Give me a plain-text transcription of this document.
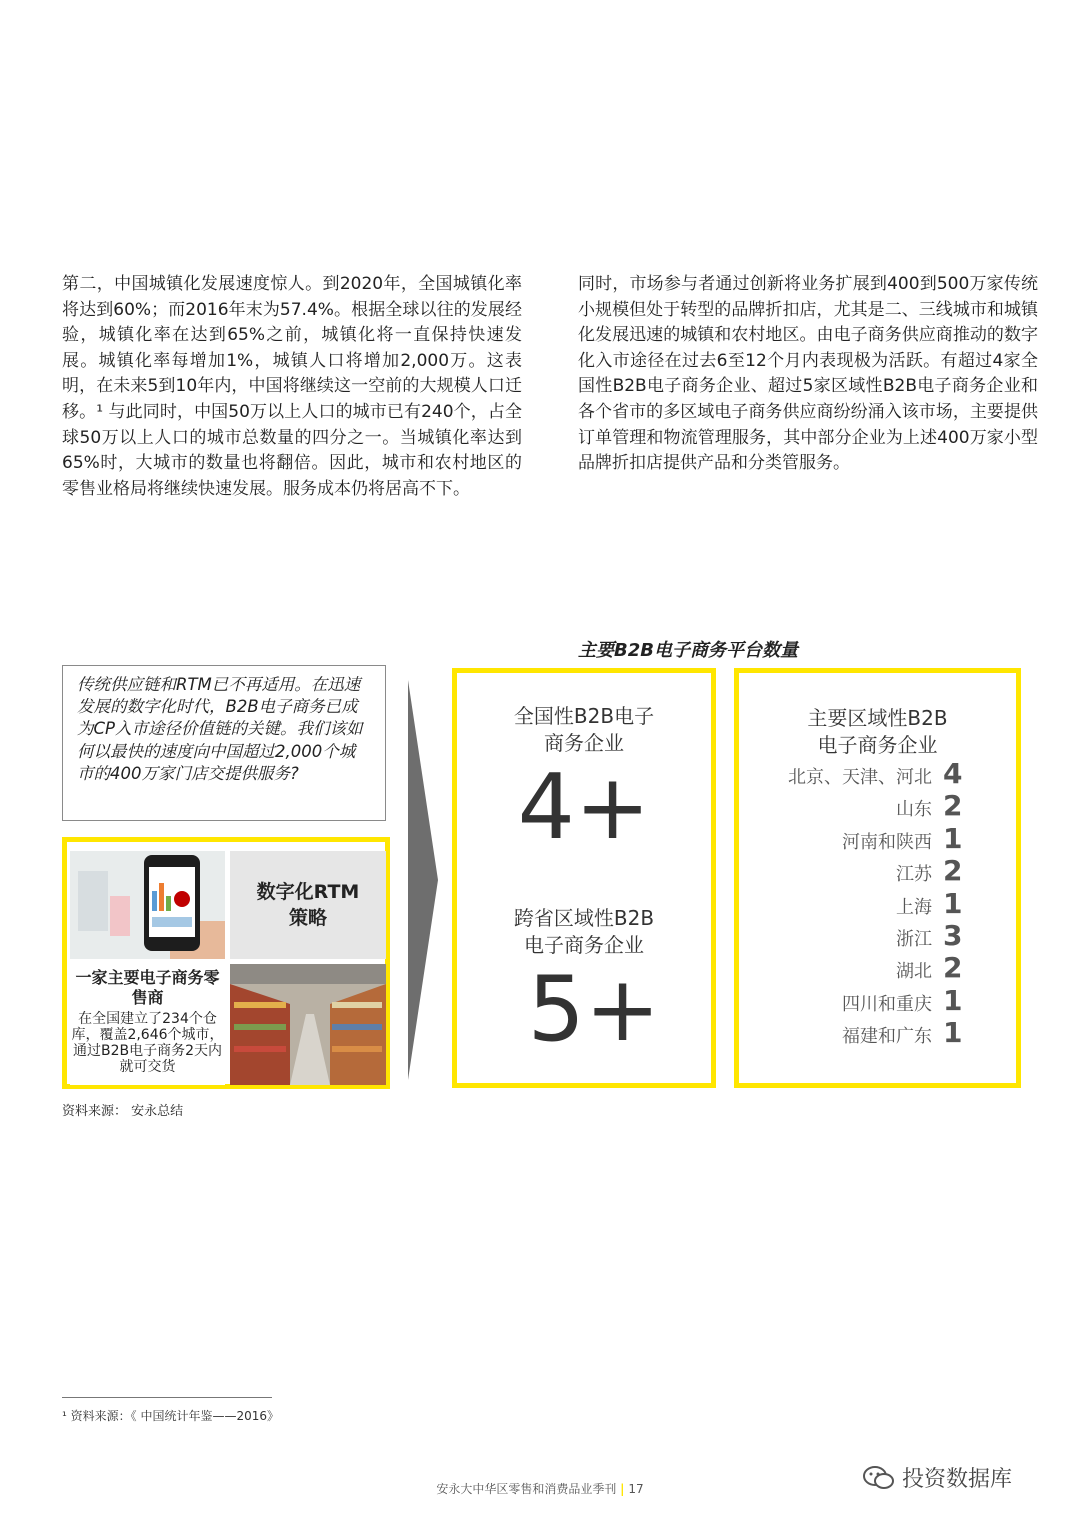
第二，中国城镇化发展速度惊人。到2020年，全国城镇化率将达到60%；而2016年末为57.4%。根据全球以往的发展经验，城镇化率在达到65%之前，城镇化将一直保持快速发展。城镇化率每增加1%，城镇人口将增加2,000万。这表明，在未来5到10年内，中国将继续这一空前的大规模人口迁移。¹ 与此同时，中国50万以上人口的城市已有240个，占全球50万以上人口的城市总数量的四分之一。当城镇化率达到65%时，大城市的数量也将翻倍。因此，城市和农村地区的零售业格局将继续快速发展。服务成本仍将居高不下。
同时，市场参与者通过创新将业务扩展到400到500万家传统小规模但处于转型的品牌折扣店，尤其是二、三线城市和城镇化发展迅速的城镇和农村地区。由电子商务供应商推动的数字化入市途径在过去6至12个月内表现极为活跃。有超过4家全国性B2B电子商务企业、超过5家区域性B2B电子商务企业和各个省市的多区域电子商务供应商纷纷涌入该市场，主要提供订单管理和物流管理服务，其中部分企业为上述400万家小型品牌折扣店提供产品和分类管服务。
主要B2B电子商务平台数量
传统供应链和RTM已不再适用。在迅速发展的数字化时代，B2B电子商务已成为CP入市途径价值链的关键。我们该如何以最快的速度向中国超过2,000个城市的400万家门店交提供服务?
数字化RTM策略
一家主要电子商务零售商
在全国建立了234个仓库，覆盖2,646个城市，通过B2B电子商务2天内就可交货
资料来源： 安永总结
全国性B2B电子商务企业
4+
跨省区域性B2B电子商务企业
5+
主要区域性B2B电子商务企业
北京、天津、河北 4
山东 2
河南和陕西 1
江苏 2
上海 1
浙江 3
湖北 2
四川和重庆 1
福建和广东 1
¹ 资料来源：《 中国统计年鉴——2016》
安永大中华区零售和消费品业季刊 | 17	投资数据库
